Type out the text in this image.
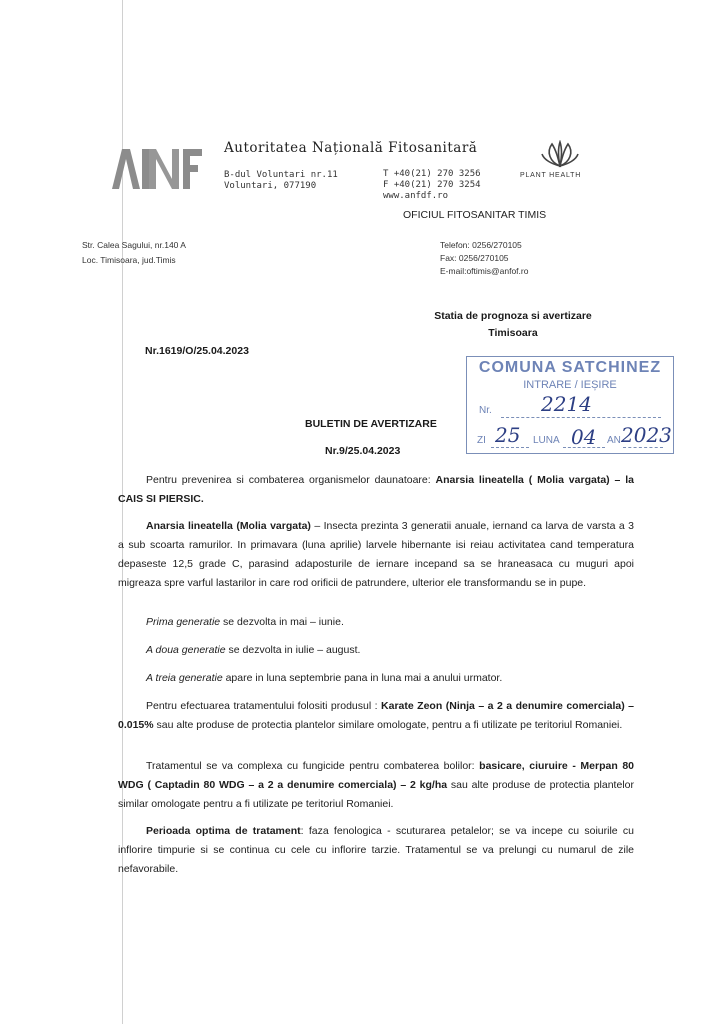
Autoritatea Națională Fitosanitară
B-dul Voluntari nr.11
Voluntari, 077190
T +40(21) 270 3256
F +40(21) 270 3254
www.anfdf.ro
PLANT HEALTH
OFICIUL FITOSANITAR TIMIS
Str. Calea Sagului, nr.140 A
Loc. Timisoara, jud.Timis
Telefon: 0256/270105
Fax: 0256/270105
E-mail:oftimis@anfof.ro
Statia de prognoza si avertizare
Timisoara
Nr.1619/O/25.04.2023
COMUNA SATCHINEZ
INTRARE / IEȘIRE
Nr. 2214
ZI 25 LUNA 04 AN 2023
BULETIN DE AVERTIZARE
Nr.9/25.04.2023
Pentru prevenirea si combaterea organismelor daunatoare: Anarsia lineatella ( Molia vargata) – la CAIS SI PIERSIC.
Anarsia lineatella (Molia vargata) – Insecta prezinta 3 generatii anuale, iernand ca larva de varsta a 3 a sub scoarta ramurilor. In primavara (luna aprilie) larvele hibernante isi reiau activitatea cand temperatura depaseste 12,5 grade C, parasind adaposturile de iernare incepand sa se hraneasaca cu muguri apoi migreaza spre varful lastarilor in care rod orificii de patrundere, ulterior ele transformandu se in pupe.
Prima generatie se dezvolta in mai – iunie.
A doua generatie se dezvolta in iulie – august.
A treia generatie apare in luna septembrie pana in luna mai a anului urmator.
Pentru efectuarea tratamentului folositi produsul : Karate Zeon (Ninja – a 2 a denumire comerciala) – 0.015% sau alte produse de protectia plantelor similare omologate, pentru a fi utilizate pe teritoriul Romaniei.
Tratamentul se va complexa cu fungicide pentru combaterea bolilor: basicare, ciuruire - Merpan 80 WDG ( Captadin 80 WDG – a 2 a denumire comerciala) – 2 kg/ha sau alte produse de protectia plantelor similar omologate pentru a fi utilizate pe teritoriul Romaniei.
Perioada optima de tratament: faza fenologica - scuturarea petalelor; se va incepe cu soiurile cu inflorire timpurie si se continua cu cele cu inflorire tarzie. Tratamentul se va prelungi cu numarul de zile nefavorabile.
